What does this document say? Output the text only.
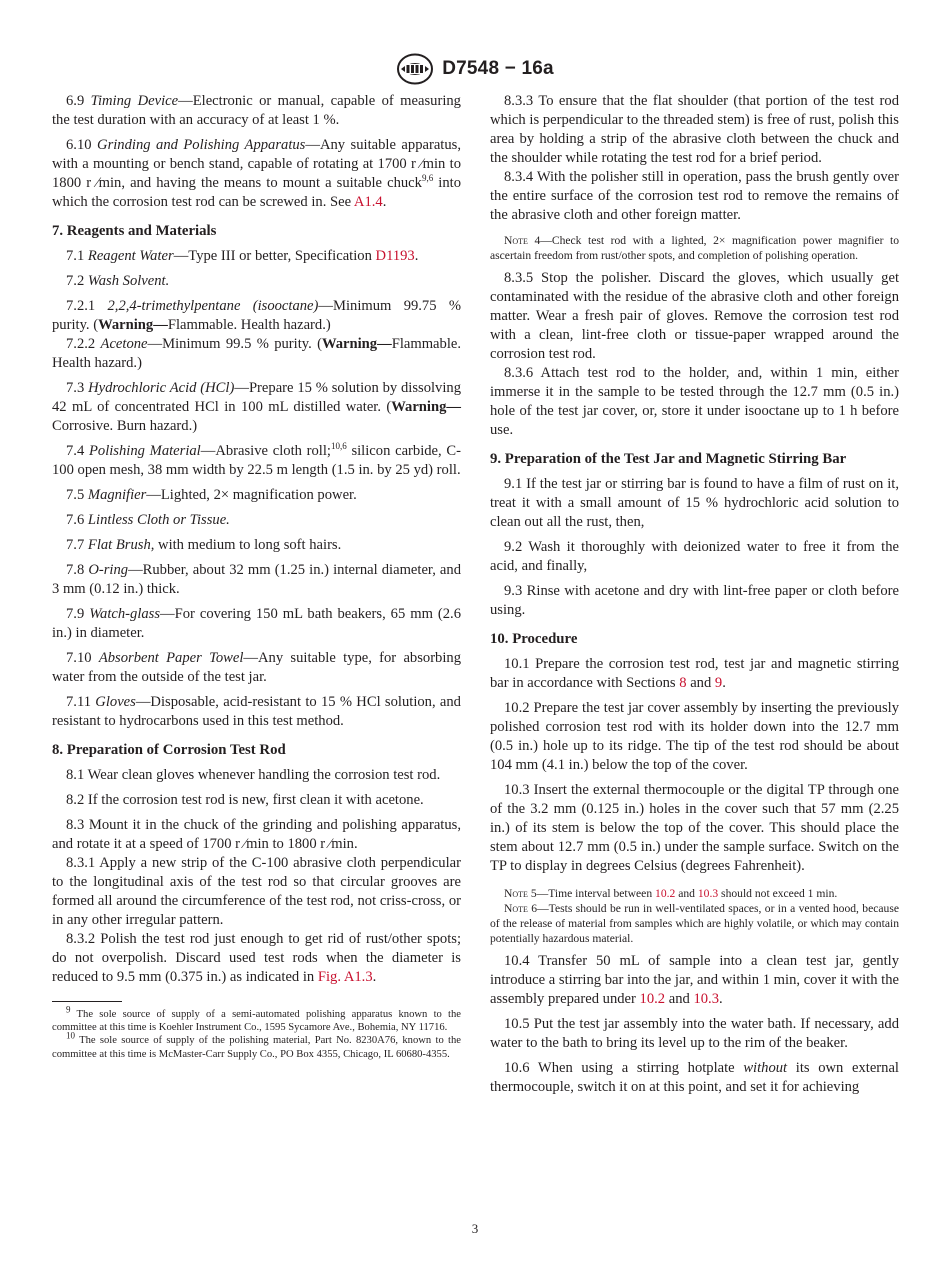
D7548 − 16a

6.9 Timing Device—Electronic or manual, capable of measuring the test duration with an accuracy of at least 1 %.

6.10 Grinding and Polishing Apparatus—Any suitable apparatus, with a mounting or bench stand, capable of rotating at 1700 r ⁄min to 1800 r ⁄min, and having the means to mount a suitable chuck$^{9,6}$ into which the corrosion test rod can be screwed in. See A1.4.

7. Reagents and Materials

7.1 Reagent Water—Type III or better, Specification D1193.

7.2 Wash Solvent.

7.2.1 2,2,4-trimethylpentane (isooctane)—Minimum 99.75 % purity. (Warning—Flammable. Health hazard.)

7.2.2 Acetone—Minimum 99.5 % purity. (Warning—Flammable. Health hazard.)

7.3 Hydrochloric Acid (HCl)—Prepare 15 % solution by dissolving 42 mL of concentrated HCl in 100 mL distilled water. (Warning—Corrosive. Burn hazard.)

7.4 Polishing Material—Abrasive cloth roll;$^{10,6}$ silicon carbide, C-100 open mesh, 38 mm width by 22.5 m length (1.5 in. by 25 yd) roll.

7.5 Magnifier—Lighted, 2× magnification power.

7.6 Lintless Cloth or Tissue.

7.7 Flat Brush, with medium to long soft hairs.

7.8 O-ring—Rubber, about 32 mm (1.25 in.) internal diameter, and 3 mm (0.12 in.) thick.

7.9 Watch-glass—For covering 150 mL bath beakers, 65 mm (2.6 in.) in diameter.

7.10 Absorbent Paper Towel—Any suitable type, for absorbing water from the outside of the test jar.

7.11 Gloves—Disposable, acid-resistant to 15 % HCl solution, and resistant to hydrocarbons used in this test method.

8. Preparation of Corrosion Test Rod

8.1 Wear clean gloves whenever handling the corrosion test rod.

8.2 If the corrosion test rod is new, first clean it with acetone.

8.3 Mount it in the chuck of the grinding and polishing apparatus, and rotate it at a speed of 1700 r ⁄min to 1800 r ⁄min.

8.3.1 Apply a new strip of the C-100 abrasive cloth perpendicular to the longitudinal axis of the test rod so that circular grooves are formed all around the circumference of the test rod, not criss-cross, or in any other irregular pattern.

8.3.2 Polish the test rod just enough to get rid of rust/other spots; do not overpolish. Discard used test rods when the diameter is reduced to 9.5 mm (0.375 in.) as indicated in Fig. A1.3.

$^9$ The sole source of supply of a semi-automated polishing apparatus known to the committee at this time is Koehler Instrument Co., 1595 Sycamore Ave., Bohemia, NY 11716.

$^{10}$ The sole source of supply of the polishing material, Part No. 8230A76, known to the committee at this time is McMaster-Carr Supply Co., PO Box 4355, Chicago, IL 60680-4355.

8.3.3 To ensure that the flat shoulder (that portion of the test rod which is perpendicular to the threaded stem) is free of rust, polish this area by holding a strip of the abrasive cloth between the chuck and the shoulder while rotating the test rod for a brief period.

8.3.4 With the polisher still in operation, pass the brush gently over the entire surface of the corrosion test rod to remove the remains of the abrasive cloth and other foreign matter.

Note 4—Check test rod with a lighted, 2× magnification power magnifier to ascertain freedom from rust/other spots, and completion of polishing operation.

8.3.5 Stop the polisher. Discard the gloves, which usually get contaminated with the residue of the abrasive cloth and other foreign matter. Wear a fresh pair of gloves. Remove the corrosion test rod with a clean, lint-free cloth or tissue-paper wrapped around the corrosion test rod.

8.3.6 Attach test rod to the holder, and, within 1 min, either immerse it in the sample to be tested through the 12.7 mm (0.5 in.) hole of the test jar cover, or, store it under isooctane up to 1 h before use.

9. Preparation of the Test Jar and Magnetic Stirring Bar

9.1 If the test jar or stirring bar is found to have a film of rust on it, treat it with a small amount of 15 % hydrochloric acid solution to clean out all the rust, then,

9.2 Wash it thoroughly with deionized water to free it from the acid, and finally,

9.3 Rinse with acetone and dry with lint-free paper or cloth before using.

10. Procedure

10.1 Prepare the corrosion test rod, test jar and magnetic stirring bar in accordance with Sections 8 and 9.

10.2 Prepare the test jar cover assembly by inserting the previously polished corrosion test rod with its holder down into the 12.7 mm (0.5 in.) hole up to its ridge. The tip of the test rod should be about 104 mm (4.1 in.) below the top of the cover.

10.3 Insert the external thermocouple or the digital TP through one of the 3.2 mm (0.125 in.) holes in the cover such that 57 mm (2.25 in.) of its stem is below the top of the cover. This should place the stem about 12.7 mm (0.5 in.) under the sample surface. Switch on the TP to display in degrees Celsius (degrees Fahrenheit).

Note 5—Time interval between 10.2 and 10.3 should not exceed 1 min.

Note 6—Tests should be run in well-ventilated spaces, or in a vented hood, because of the release of material from samples which are highly volatile, or which may contain potentially hazardous material.

10.4 Transfer 50 mL of sample into a clean test jar, gently introduce a stirring bar into the jar, and within 1 min, cover it with the assembly prepared under 10.2 and 10.3.

10.5 Put the test jar assembly into the water bath. If necessary, add water to the bath to bring its level up to the rim of the beaker.

10.6 When using a stirring hotplate without its own external thermocouple, switch it on at this point, and set it for achieving

3
